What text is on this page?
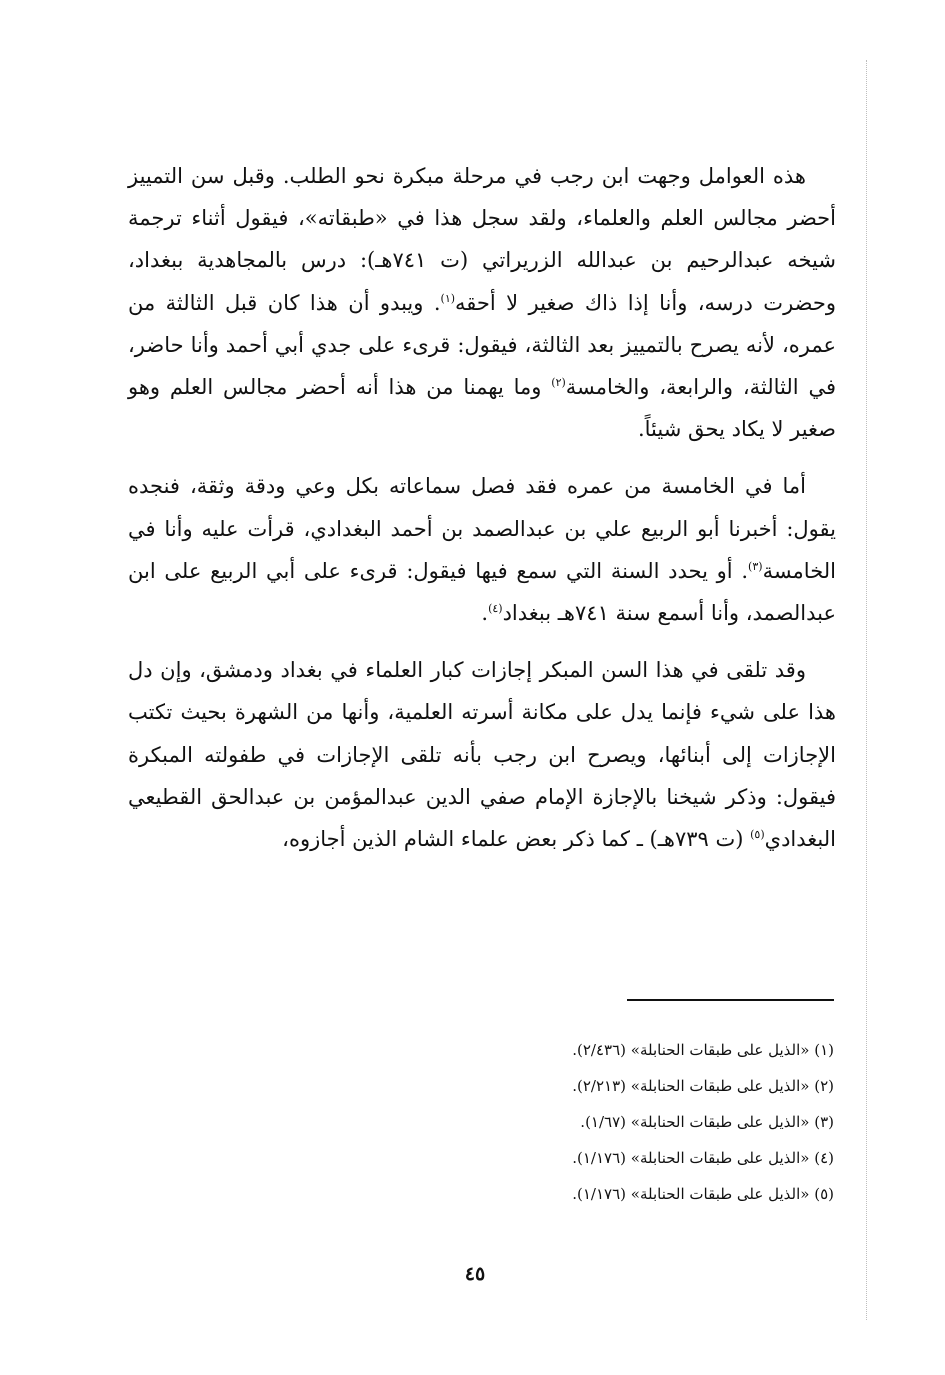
هذه العوامل وجهت ابن رجب في مرحلة مبكرة نحو الطلب. وقبل سن التمييز أحضر مجالس العلم والعلماء، ولقد سجل هذا في «طبقاته»، فيقول أثناء ترجمة شيخه عبدالرحيم بن عبدالله الزريراتي (ت ٧٤١هـ): درس بالمجاهدية ببغداد، وحضرت درسه، وأنا إذا ذاك صغير لا أحقه$^{(١)}$. ويبدو أن هذا كان قبل الثالثة من عمره، لأنه يصرح بالتمييز بعد الثالثة، فيقول: قرىء على جدي أبي أحمد وأنا حاضر، في الثالثة، والرابعة، والخامسة$^{(٢)}$ وما يهمنا من هذا أنه أحضر مجالس العلم وهو صغير لا يكاد يحق شيئاً.

أما في الخامسة من عمره فقد فصل سماعاته بكل وعي ودقة وثقة، فنجده يقول: أخبرنا أبو الربيع علي بن عبدالصمد بن أحمد البغدادي، قرأت عليه وأنا في الخامسة$^{(٣)}$. أو يحدد السنة التي سمع فيها فيقول: قرىء على أبي الربيع على ابن عبدالصمد، وأنا أسمع سنة ٧٤١هـ ببغداد$^{(٤)}$.

وقد تلقى في هذا السن المبكر إجازات كبار العلماء في بغداد ودمشق، وإن دل هذا على شيء فإنما يدل على مكانة أسرته العلمية، وأنها من الشهرة بحيث تكتب الإجازات إلى أبنائها، ويصرح ابن رجب بأنه تلقى الإجازات في طفولته المبكرة فيقول: وذكر شيخنا بالإجازة الإمام صفي الدين عبدالمؤمن بن عبدالحق القطيعي البغدادي$^{(٥)}$ (ت ٧٣٩هـ) ـ كما ذكر بعض علماء الشام الذين أجازوه،

(١) «الذيل على طبقات الحنابلة» (٢/٤٣٦).
(٢) «الذيل على طبقات الحنابلة» (٢/٢١٣).
(٣) «الذيل على طبقات الحنابلة» (١/٦٧).
(٤) «الذيل على طبقات الحنابلة» (١/١٧٦).
(٥) «الذيل على طبقات الحنابلة» (١/١٧٦).
٤٥
